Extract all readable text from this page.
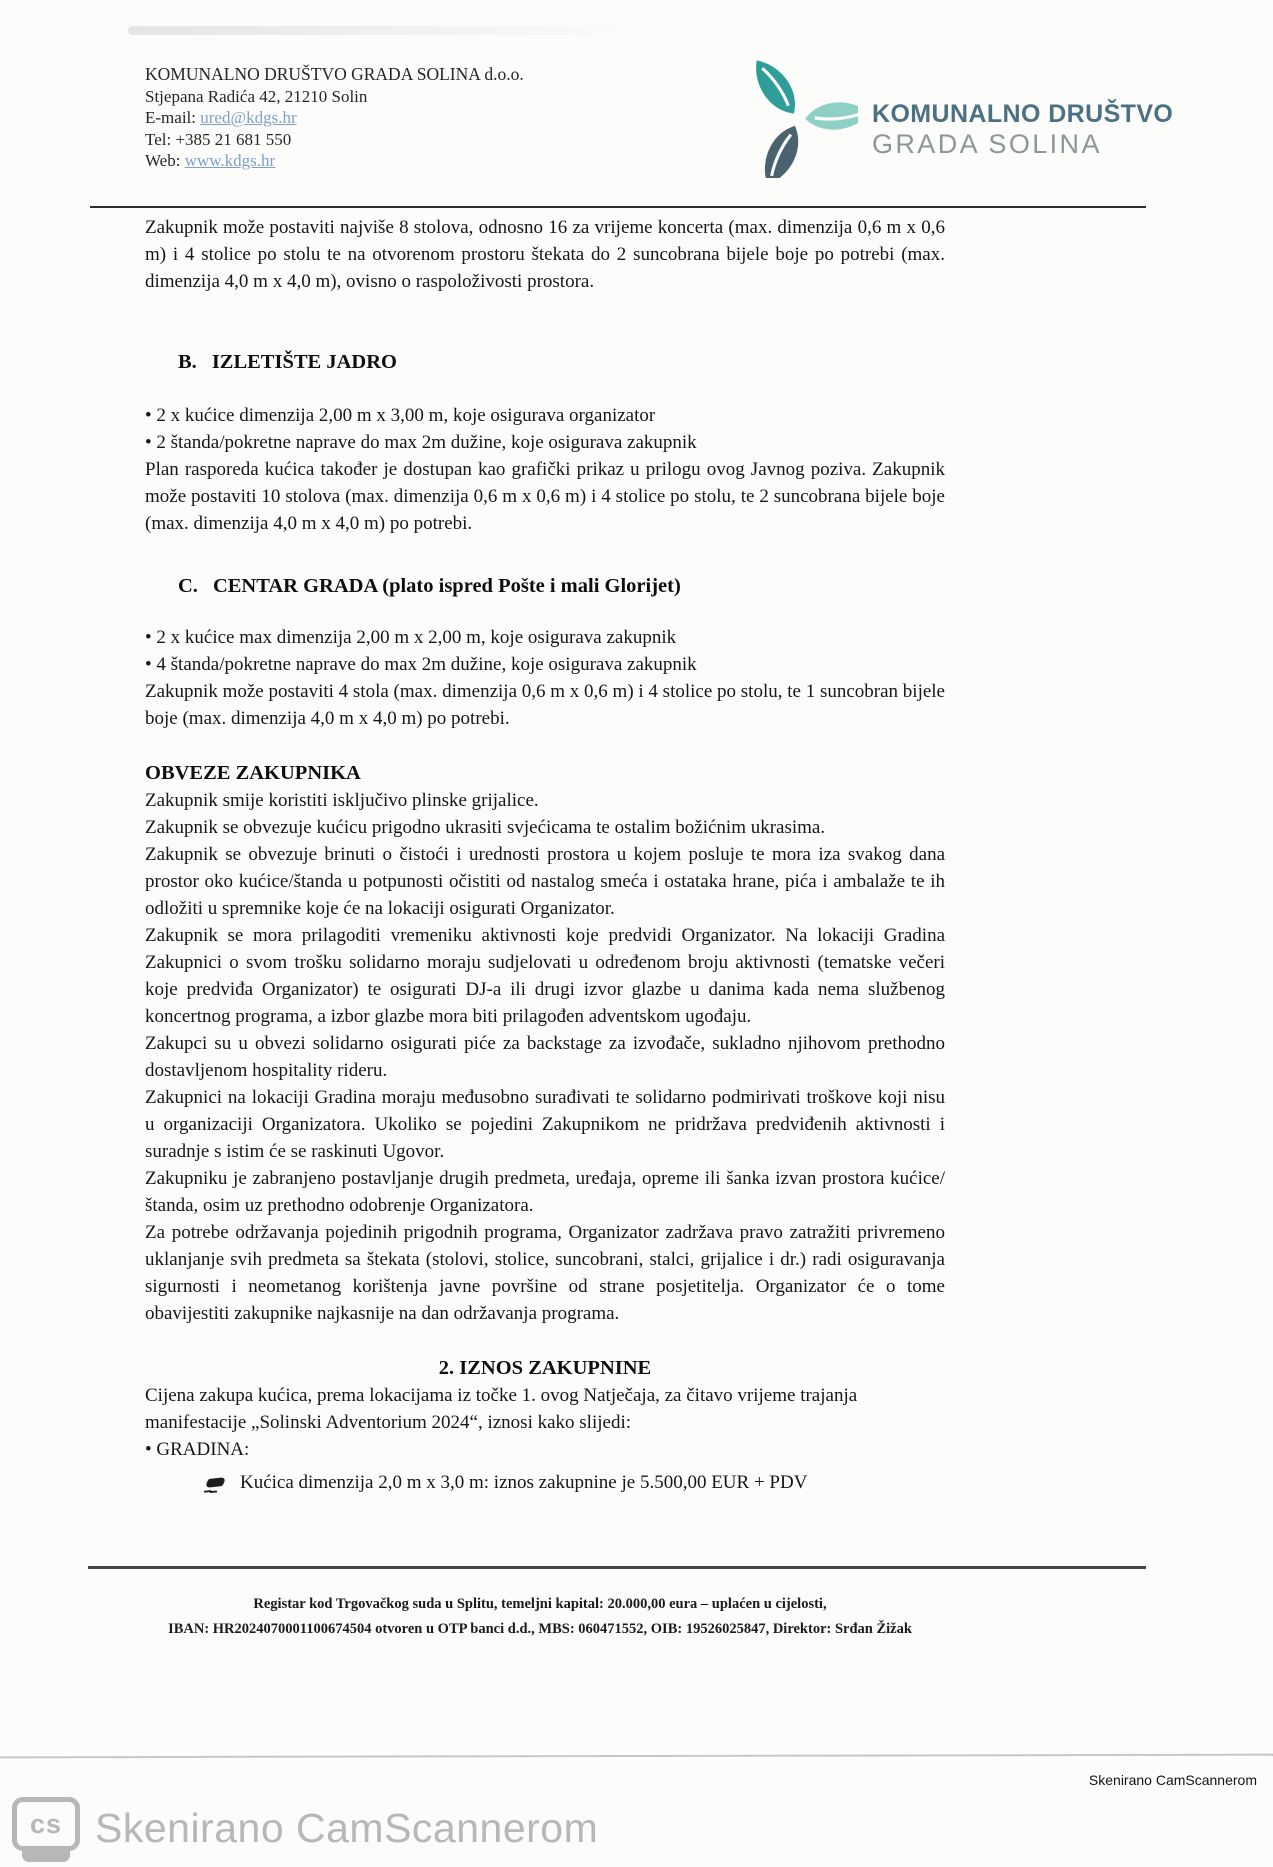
KOMUNALNO DRUŠTVO GRADA SOLINA d.o.o.
Stjepana Radića 42, 21210 Solin
E-mail: ured@kdgs.hr
Tel: +385 21 681 550
Web: www.kdgs.hr
KOMUNALNO DRUŠTVO
GRADA SOLINA

Zakupnik može postaviti najviše 8 stolova, odnosno 16 za vrijeme koncerta (max. dimenzija 0,6 m x 0,6 m) i 4 stolice po stolu te na otvorenom prostoru štekata do 2 suncobrana bijele boje po potrebi (max. dimenzija 4,0 m x 4,0 m), ovisno o raspoloživosti prostora.

B. IZLETIŠTE JADRO

• 2 x kućice dimenzija 2,00 m x 3,00 m, koje osigurava organizator

• 2 štanda/pokretne naprave do max 2m dužine, koje osigurava zakupnik

Plan rasporeda kućica također je dostupan kao grafički prikaz u prilogu ovog Javnog poziva. Zakupnik može postaviti 10 stolova (max. dimenzija 0,6 m x 0,6 m) i 4 stolice po stolu, te 2 suncobrana bijele boje (max. dimenzija 4,0 m x 4,0 m) po potrebi.

C. CENTAR GRADA (plato ispred Pošte i mali Glorijet)

• 2 x kućice max dimenzija 2,00 m x 2,00 m, koje osigurava zakupnik

• 4 štanda/pokretne naprave do max 2m dužine, koje osigurava zakupnik

Zakupnik može postaviti 4 stola (max. dimenzija 0,6 m x 0,6 m) i 4 stolice po stolu, te 1 suncobran bijele boje (max. dimenzija 4,0 m x 4,0 m) po potrebi.

OBVEZE ZAKUPNIKA

Zakupnik smije koristiti isključivo plinske grijalice.

Zakupnik se obvezuje kućicu prigodno ukrasiti svjećicama te ostalim božićnim ukrasima.

Zakupnik se obvezuje brinuti o čistoći i urednosti prostora u kojem posluje te mora iza svakog dana prostor oko kućice/štanda u potpunosti očistiti od nastalog smeća i ostataka hrane, pića i ambalaže te ih odložiti u spremnike koje će na lokaciji osigurati Organizator.

Zakupnik se mora prilagoditi vremeniku aktivnosti koje predvidi Organizator. Na lokaciji Gradina Zakupnici o svom trošku solidarno moraju sudjelovati u određenom broju aktivnosti (tematske večeri koje predviđa Organizator) te osigurati DJ-a ili drugi izvor glazbe u danima kada nema službenog koncertnog programa, a izbor glazbe mora biti prilagođen adventskom ugođaju.

Zakupci su u obvezi solidarno osigurati piće za backstage za izvođače, sukladno njihovom prethodno dostavljenom hospitality rideru.

Zakupnici na lokaciji Gradina moraju međusobno surađivati te solidarno podmirivati troškove koji nisu u organizaciji Organizatora. Ukoliko se pojedini Zakupnikom ne pridržava predviđenih aktivnosti i suradnje s istim će se raskinuti Ugovor.

Zakupniku je zabranjeno postavljanje drugih predmeta, uređaja, opreme ili šanka izvan prostora kućice/štanda, osim uz prethodno odobrenje Organizatora.

Za potrebe održavanja pojedinih prigodnih programa, Organizator zadržava pravo zatražiti privremeno uklanjanje svih predmeta sa štekata (stolovi, stolice, suncobrani, stalci, grijalice i dr.) radi osiguravanja sigurnosti i neometanog korištenja javne površine od strane posjetitelja. Organizator će o tome obavijestiti zakupnike najkasnije na dan održavanja programa.

2. IZNOS ZAKUPNINE

Cijena zakupa kućica, prema lokacijama iz točke 1. ovog Natječaja, za čitavo vrijeme trajanja manifestacije „Solinski Adventorium 2024“, iznosi kako slijedi:

• GRADINA:

Kućica dimenzija 2,0 m x 3,0 m: iznos zakupnine je 5.500,00 EUR + PDV
Registar kod Trgovačkog suda u Splitu, temeljni kapital: 20.000,00 eura – uplaćen u cijelosti,
IBAN: HR2024070001100674504 otvoren u OTP banci d.d., MBS: 060471552, OIB: 19526025847, Direktor: Srđan Žižak
Skenirano CamScannerom
cs Skenirano CamScannerom
